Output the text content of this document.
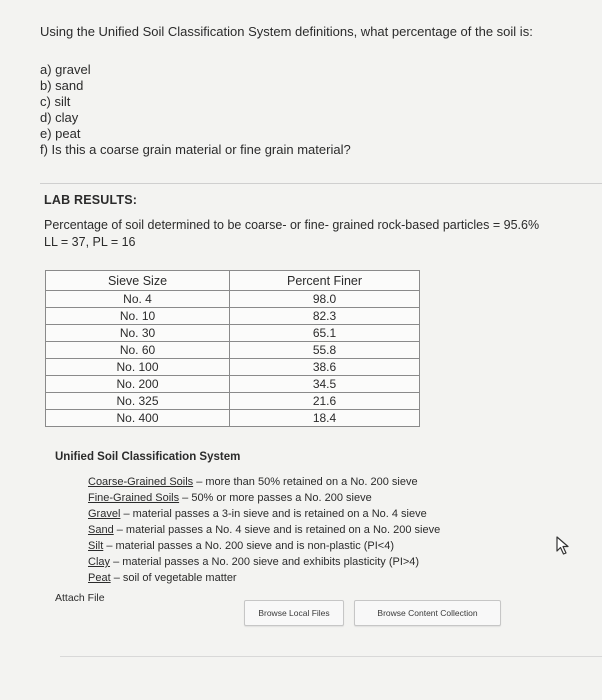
Using the Unified Soil Classification System definitions, what percentage of the soil is:
a) gravel
b) sand
c) silt
d) clay
e) peat
f) Is this a coarse grain material or fine grain material?
LAB RESULTS:
Percentage of soil determined to be coarse- or fine- grained rock-based particles = 95.6%
LL = 37, PL = 16
Sieve Size	Percent Finer
No. 4	98.0
No. 10	82.3
No. 30	65.1
No. 60	55.8
No. 100	38.6
No. 200	34.5
No. 325	21.6
No. 400	18.4
Unified Soil Classification System
Coarse-Grained Soils – more than 50% retained on a No. 200 sieve
Fine-Grained Soils – 50% or more passes a No. 200 sieve
Gravel – material passes a 3-in sieve and is retained on a No. 4 sieve
Sand – material passes a No. 4 sieve and is retained on a No. 200 sieve
Silt – material passes a No. 200 sieve and is non-plastic (PI<4)
Clay – material passes a No. 200 sieve and exhibits plasticity (PI>4)
Peat – soil of vegetable matter
Attach File
Browse Local Files	Browse Content Collection
